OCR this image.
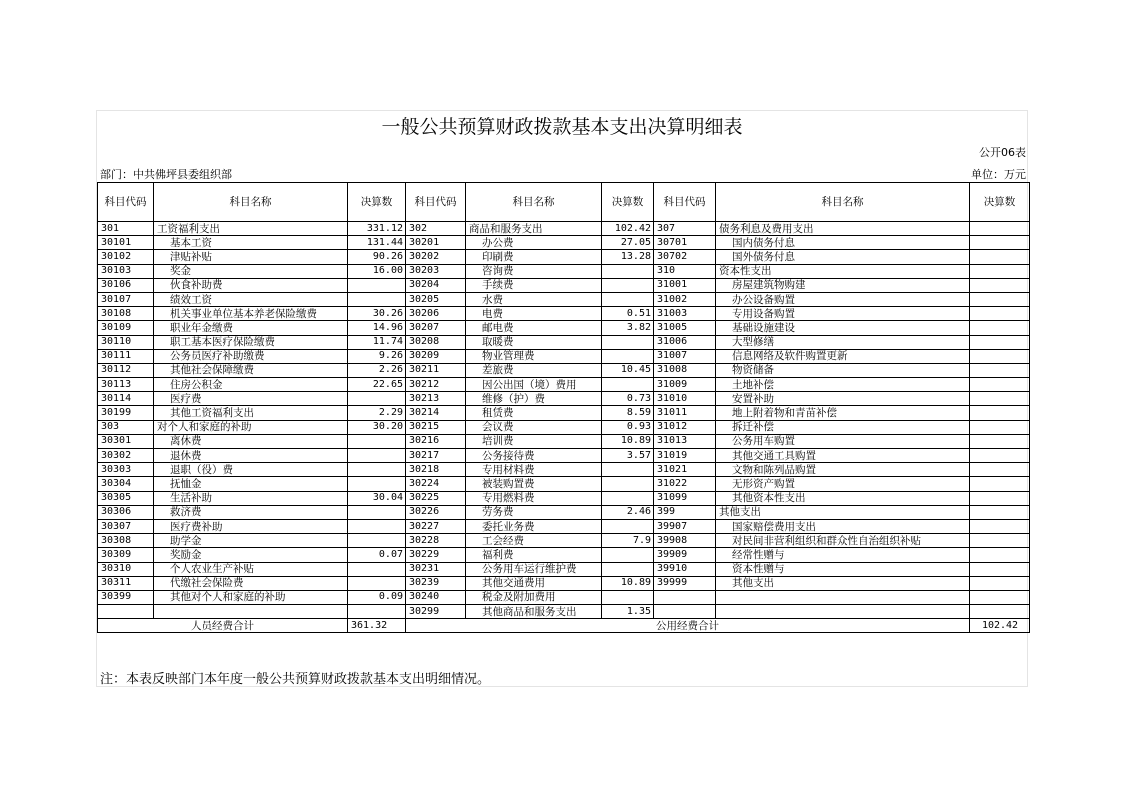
一般公共预算财政拨款基本支出决算明细表
公开06表
部门：中共佛坪县委组织部	单位：万元
科目代码	科目名称	决算数	科目代码	科目名称	决算数	科目代码	科目名称	决算数
301	工资福利支出	331.12	302	商品和服务支出	102.42	307	债务利息及费用支出	
30101	基本工资	131.44	30201	办公费	27.05	30701	国内债务付息	
30102	津贴补贴	90.26	30202	印刷费	13.28	30702	国外债务付息	
30103	奖金	16.00	30203	咨询费		310	资本性支出	
30106	伙食补助费		30204	手续费		31001	房屋建筑物购建	
30107	绩效工资		30205	水费		31002	办公设备购置	
30108	机关事业单位基本养老保险缴费	30.26	30206	电费	0.51	31003	专用设备购置	
30109	职业年金缴费	14.96	30207	邮电费	3.82	31005	基础设施建设	
30110	职工基本医疗保险缴费	11.74	30208	取暖费		31006	大型修缮	
30111	公务员医疗补助缴费	9.26	30209	物业管理费		31007	信息网络及软件购置更新	
30112	其他社会保障缴费	2.26	30211	差旅费	10.45	31008	物资储备	
30113	住房公积金	22.65	30212	因公出国（境）费用		31009	土地补偿	
30114	医疗费		30213	维修（护）费	0.73	31010	安置补助	
30199	其他工资福利支出	2.29	30214	租赁费	8.59	31011	地上附着物和青苗补偿	
303	对个人和家庭的补助	30.20	30215	会议费	0.93	31012	拆迁补偿	
30301	离休费		30216	培训费	10.89	31013	公务用车购置	
30302	退休费		30217	公务接待费	3.57	31019	其他交通工具购置	
30303	退职（役）费		30218	专用材料费		31021	文物和陈列品购置	
30304	抚恤金		30224	被装购置费		31022	无形资产购置	
30305	生活补助	30.04	30225	专用燃料费		31099	其他资本性支出	
30306	救济费		30226	劳务费	2.46	399	其他支出	
30307	医疗费补助		30227	委托业务费		39907	国家赔偿费用支出	
30308	助学金		30228	工会经费	7.9	39908	对民间非营利组织和群众性自治组织补贴	
30309	奖励金	0.07	30229	福利费		39909	经常性赠与	
30310	个人农业生产补贴		30231	公务用车运行维护费		39910	资本性赠与	
30311	代缴社会保险费		30239	其他交通费用	10.89	39999	其他支出	
30399	其他对个人和家庭的补助	0.09	30240	税金及附加费用				
			30299	其他商品和服务支出	1.35			
人员经费合计		361.32	公用经费合计					102.42
注：本表反映部门本年度一般公共预算财政拨款基本支出明细情况。
